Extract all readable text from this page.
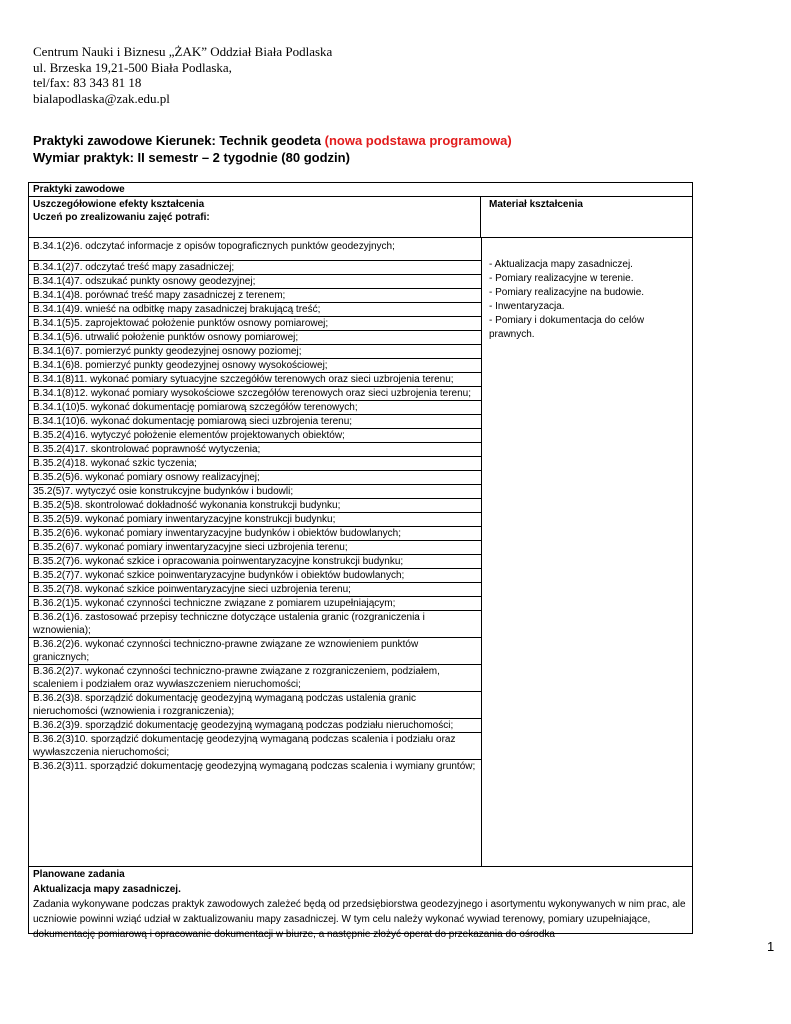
Centrum Nauki i Biznesu „ŻAK” Oddział Biała Podlaska
ul. Brzeska 19,21-500 Biała Podlaska,
tel/fax: 83 343 81 18
bialapodlaska@zak.edu.pl
Praktyki zawodowe Kierunek: Technik geodeta (nowa podstawa programowa)
Wymiar praktyk: II semestr – 2 tygodnie (80 godzin)
Praktyki zawodowe
Uszczegółowione efekty kształcenia
Uczeń po zrealizowaniu zajęć potrafi:
Materiał kształcenia
B.34.1(2)6. odczytać informacje z opisów topograficznych punktów geodezyjnych;
B.34.1(2)7. odczytać treść mapy zasadniczej;
B.34.1(4)7. odszukać punkty osnowy geodezyjnej;
B.34.1(4)8. porównać treść mapy zasadniczej z terenem;
B.34.1(4)9. wnieść na odbitkę mapy zasadniczej brakującą treść;
B.34.1(5)5. zaprojektować położenie punktów osnowy pomiarowej;
B.34.1(5)6. utrwalić położenie punktów osnowy pomiarowej;
B.34.1(6)7. pomierzyć punkty geodezyjnej osnowy poziomej;
B.34.1(6)8. pomierzyć punkty geodezyjnej osnowy wysokościowej;
B.34.1(8)11. wykonać pomiary sytuacyjne szczegółów terenowych oraz sieci uzbrojenia terenu;
B.34.1(8)12. wykonać pomiary wysokościowe szczegółów terenowych oraz sieci uzbrojenia terenu;
B.34.1(10)5. wykonać dokumentację pomiarową szczegółów terenowych;
B.34.1(10)6. wykonać dokumentację pomiarową sieci uzbrojenia terenu;
B.35.2(4)16. wytyczyć położenie elementów projektowanych obiektów;
B.35.2(4)17. skontrolować poprawność wytyczenia;
B.35.2(4)18. wykonać szkic tyczenia;
B.35.2(5)6. wykonać pomiary osnowy realizacyjnej;
35.2(5)7. wytyczyć osie konstrukcyjne budynków i budowli;
B.35.2(5)8. skontrolować dokładność wykonania konstrukcji budynku;
B.35.2(5)9. wykonać pomiary inwentaryzacyjne konstrukcji budynku;
B.35.2(6)6. wykonać pomiary inwentaryzacyjne budynków i obiektów budowlanych;
B.35.2(6)7. wykonać pomiary inwentaryzacyjne sieci uzbrojenia terenu;
B.35.2(7)6. wykonać szkice i opracowania poinwentaryzacyjne konstrukcji budynku;
B.35.2(7)7. wykonać szkice poinwentaryzacyjne budynków i obiektów budowlanych;
B.35.2(7)8. wykonać szkice poinwentaryzacyjne sieci uzbrojenia terenu;
B.36.2(1)5. wykonać czynności techniczne związane z pomiarem uzupełniającym;
B.36.2(1)6. zastosować przepisy techniczne dotyczące ustalenia granic (rozgraniczenia i wznowienia);
B.36.2(2)6. wykonać czynności techniczno-prawne związane ze wznowieniem punktów granicznych;
B.36.2(2)7. wykonać czynności techniczno-prawne związane z rozgraniczeniem, podziałem, scaleniem i podziałem oraz wywłaszczeniem nieruchomości;
B.36.2(3)8. sporządzić dokumentację geodezyjną wymaganą podczas ustalenia granic nieruchomości (wznowienia i rozgraniczenia);
B.36.2(3)9. sporządzić dokumentację geodezyjną wymaganą podczas podziału nieruchomości;
B.36.2(3)10. sporządzić dokumentację geodezyjną wymaganą podczas scalenia i podziału oraz wywłaszczenia nieruchomości;
B.36.2(3)11. sporządzić dokumentację geodezyjną wymaganą podczas scalenia i wymiany gruntów;
- Aktualizacja mapy zasadniczej.
- Pomiary realizacyjne w terenie.
- Pomiary realizacyjne na budowie.
- Inwentaryzacja.
- Pomiary i dokumentacja do celów
prawnych.
Planowane zadania
Aktualizacja mapy zasadniczej.
Zadania wykonywane podczas praktyk zawodowych zależeć będą od przedsiębiorstwa geodezyjnego i asortymentu wykonywanych w nim prac, ale uczniowie powinni wziąć udział w zaktualizowaniu mapy zasadniczej. W tym celu należy wykonać wywiad terenowy, pomiary uzupełniające, dokumentację pomiarową i opracowanie dokumentacji w biurze, a następnie złożyć operat do przekazania do ośrodka
1
